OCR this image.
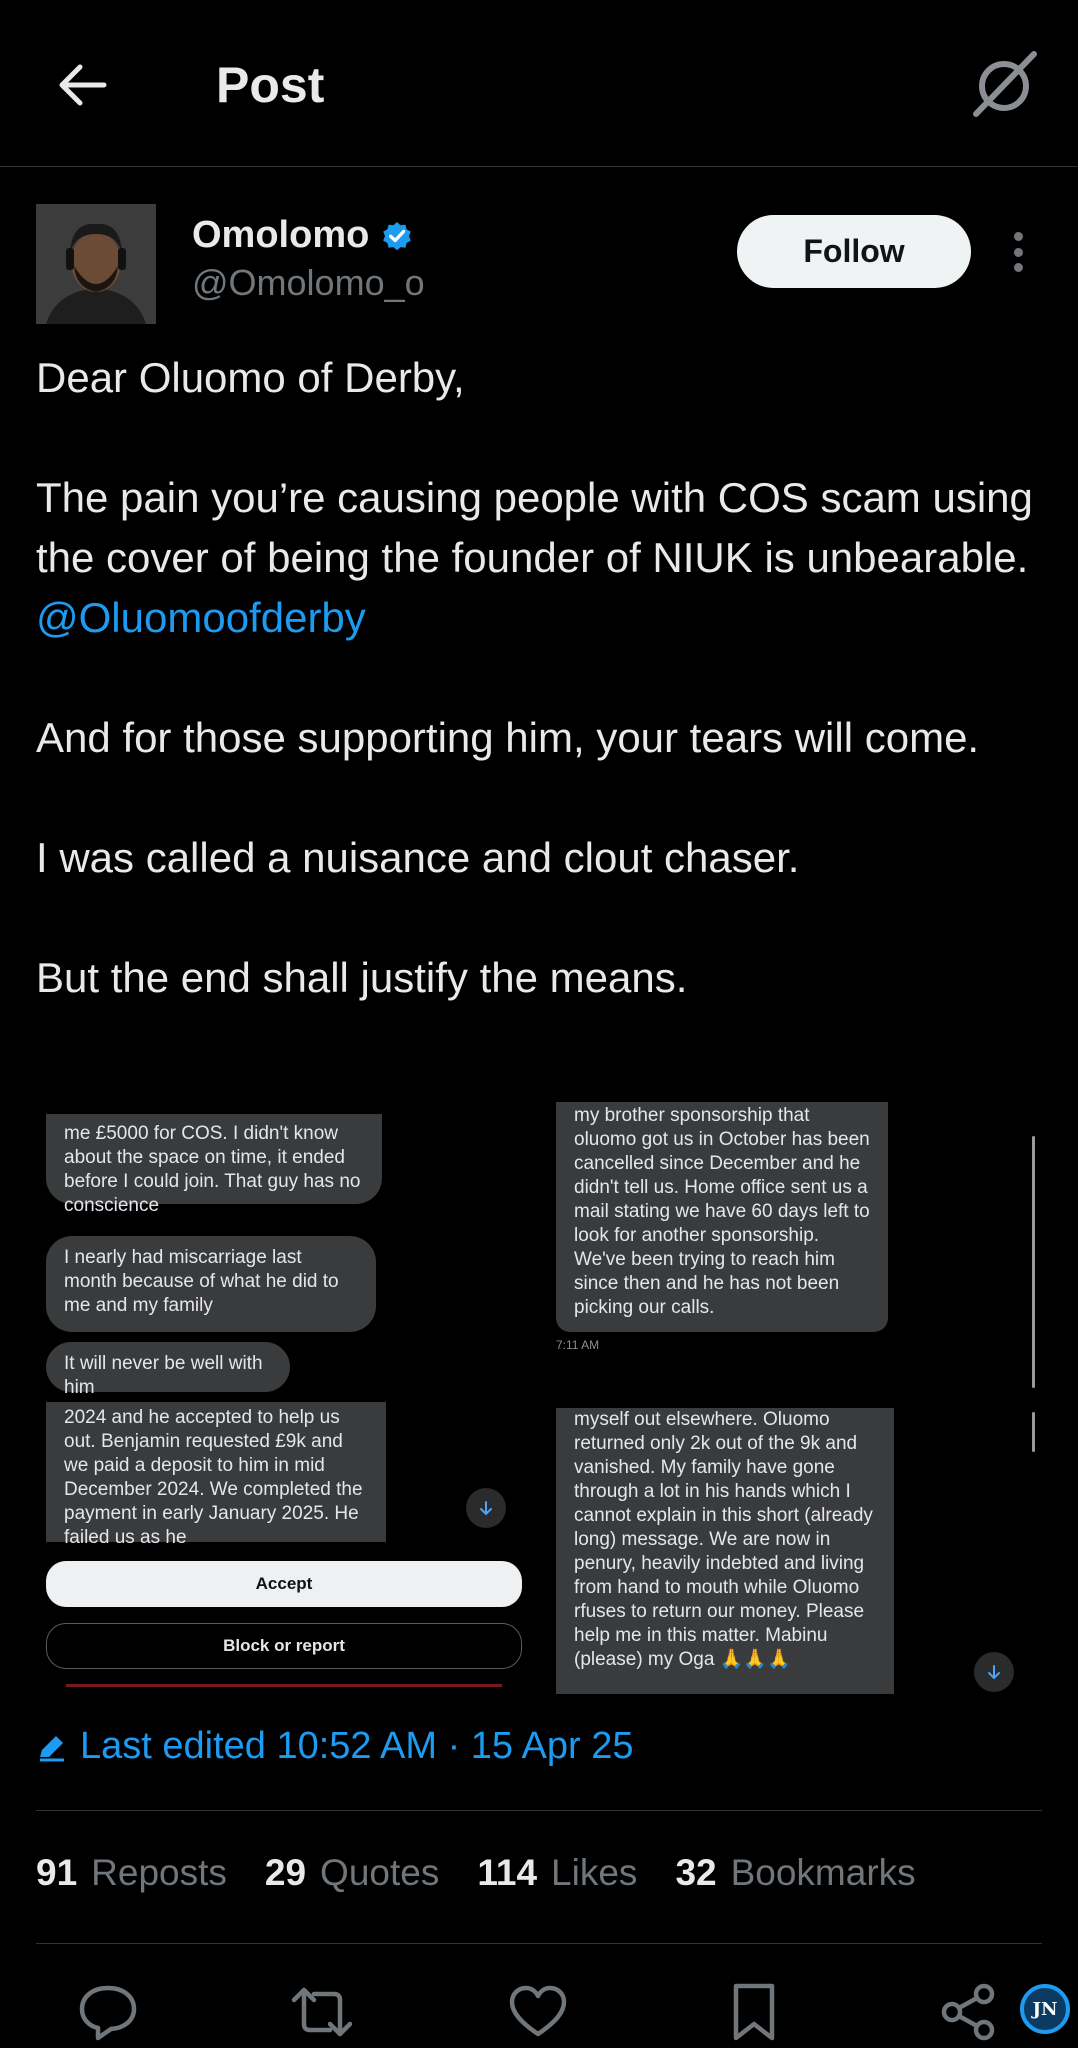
Post
Omolomo
@Omolomo_o
Follow

Dear Oluomo of Derby,

The pain you’re causing people with COS scam using the cover of being the founder of NIUK is unbearable. @Oluomoofderby

And for those supporting him, your tears will come.

I was called a nuisance and clout chaser.

But the end shall justify the means.

me £5000 for COS. I didn't know about the space on time, it ended before I could join. That guy has no conscience
I nearly had miscarriage last month because of what he did to me and my family
It will never be well with him
my brother sponsorship that oluomo got us in October has been cancelled since December and he didn't tell us. Home office sent us a mail stating we have 60 days left to look for another sponsorship. We've been trying to reach him since then and he has not been picking our calls.
7:11 AM
2024 and he accepted to help us out. Benjamin requested £9k and we paid a deposit to him in mid December 2024. We completed the payment in early January 2025. He failed us as he
Accept
Block or report
myself out elsewhere. Oluomo returned only 2k out of the 9k and vanished. My family have gone through a lot in his hands which I cannot explain in this short (already long) message. We are now in penury, heavily indebted and living from hand to mouth while Oluomo rfuses to return our money. Please help me in this matter. Mabinu (please) my Oga 🙏🙏🙏
Last edited 10:52 AM · 15 Apr 25
91 Reposts 29 Quotes 114 Likes 32 Bookmarks
JN
